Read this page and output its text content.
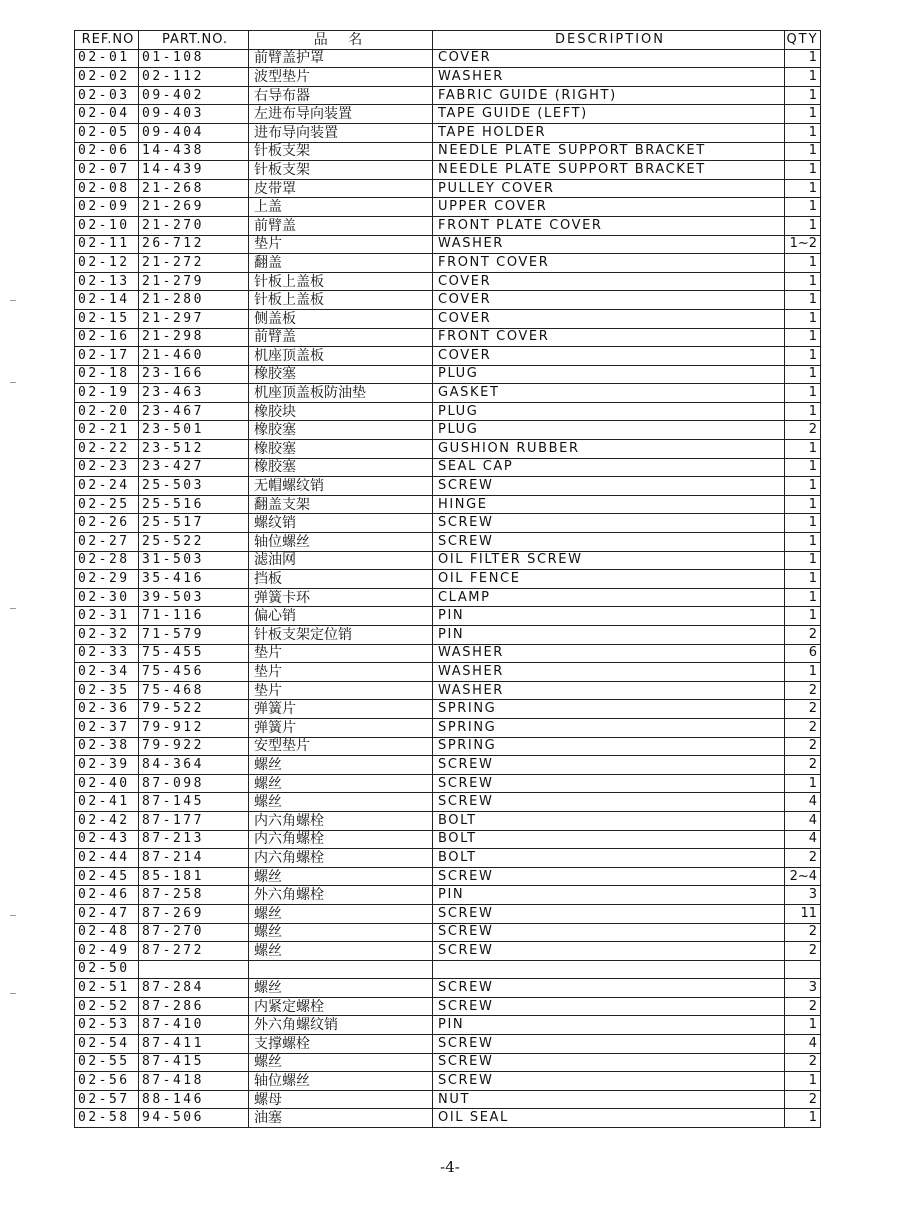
REF.NO	PART.NO.	品 名	DESCRIPTION	QTY
02-01	01-108	前臂盖护罩	COVER	1
02-02	02-112	波型垫片	WASHER	1
02-03	09-402	右导布器	FABRIC GUIDE (RIGHT)	1
02-04	09-403	左进布导向装置	TAPE GUIDE (LEFT)	1
02-05	09-404	进布导向装置	TAPE HOLDER	1
02-06	14-438	针板支架	NEEDLE PLATE SUPPORT BRACKET	1
02-07	14-439	针板支架	NEEDLE PLATE SUPPORT BRACKET	1
02-08	21-268	皮带罩	PULLEY COVER	1
02-09	21-269	上盖	UPPER COVER	1
02-10	21-270	前臂盖	FRONT PLATE COVER	1
02-11	26-712	垫片	WASHER	1~2
02-12	21-272	翻盖	FRONT COVER	1
02-13	21-279	针板上盖板	COVER	1
02-14	21-280	针板上盖板	COVER	1
02-15	21-297	侧盖板	COVER	1
02-16	21-298	前臂盖	FRONT COVER	1
02-17	21-460	机座顶盖板	COVER	1
02-18	23-166	橡胶塞	PLUG	1
02-19	23-463	机座顶盖板防油垫	GASKET	1
02-20	23-467	橡胶块	PLUG	1
02-21	23-501	橡胶塞	PLUG	2
02-22	23-512	橡胶塞	GUSHION RUBBER	1
02-23	23-427	橡胶塞	SEAL CAP	1
02-24	25-503	无帽螺纹销	SCREW	1
02-25	25-516	翻盖支架	HINGE	1
02-26	25-517	螺纹销	SCREW	1
02-27	25-522	轴位螺丝	SCREW	1
02-28	31-503	滤油网	OIL FILTER SCREW	1
02-29	35-416	挡板	OIL FENCE	1
02-30	39-503	弹簧卡环	CLAMP	1
02-31	71-116	偏心销	PIN	1
02-32	71-579	针板支架定位销	PIN	2
02-33	75-455	垫片	WASHER	6
02-34	75-456	垫片	WASHER	1
02-35	75-468	垫片	WASHER	2
02-36	79-522	弹簧片	SPRING	2
02-37	79-912	弹簧片	SPRING	2
02-38	79-922	安型垫片	SPRING	2
02-39	84-364	螺丝	SCREW	2
02-40	87-098	螺丝	SCREW	1
02-41	87-145	螺丝	SCREW	4
02-42	87-177	内六角螺栓	BOLT	4
02-43	87-213	内六角螺栓	BOLT	4
02-44	87-214	内六角螺栓	BOLT	2
02-45	85-181	螺丝	SCREW	2~4
02-46	87-258	外六角螺栓	PIN	3
02-47	87-269	螺丝	SCREW	11
02-48	87-270	螺丝	SCREW	2
02-49	87-272	螺丝	SCREW	2
02-50				
02-51	87-284	螺丝	SCREW	3
02-52	87-286	内紧定螺栓	SCREW	2
02-53	87-410	外六角螺纹销	PIN	1
02-54	87-411	支撑螺栓	SCREW	4
02-55	87-415	螺丝	SCREW	2
02-56	87-418	轴位螺丝	SCREW	1
02-57	88-146	螺母	NUT	2
02-58	94-506	油塞	OIL SEAL	1
-4-
